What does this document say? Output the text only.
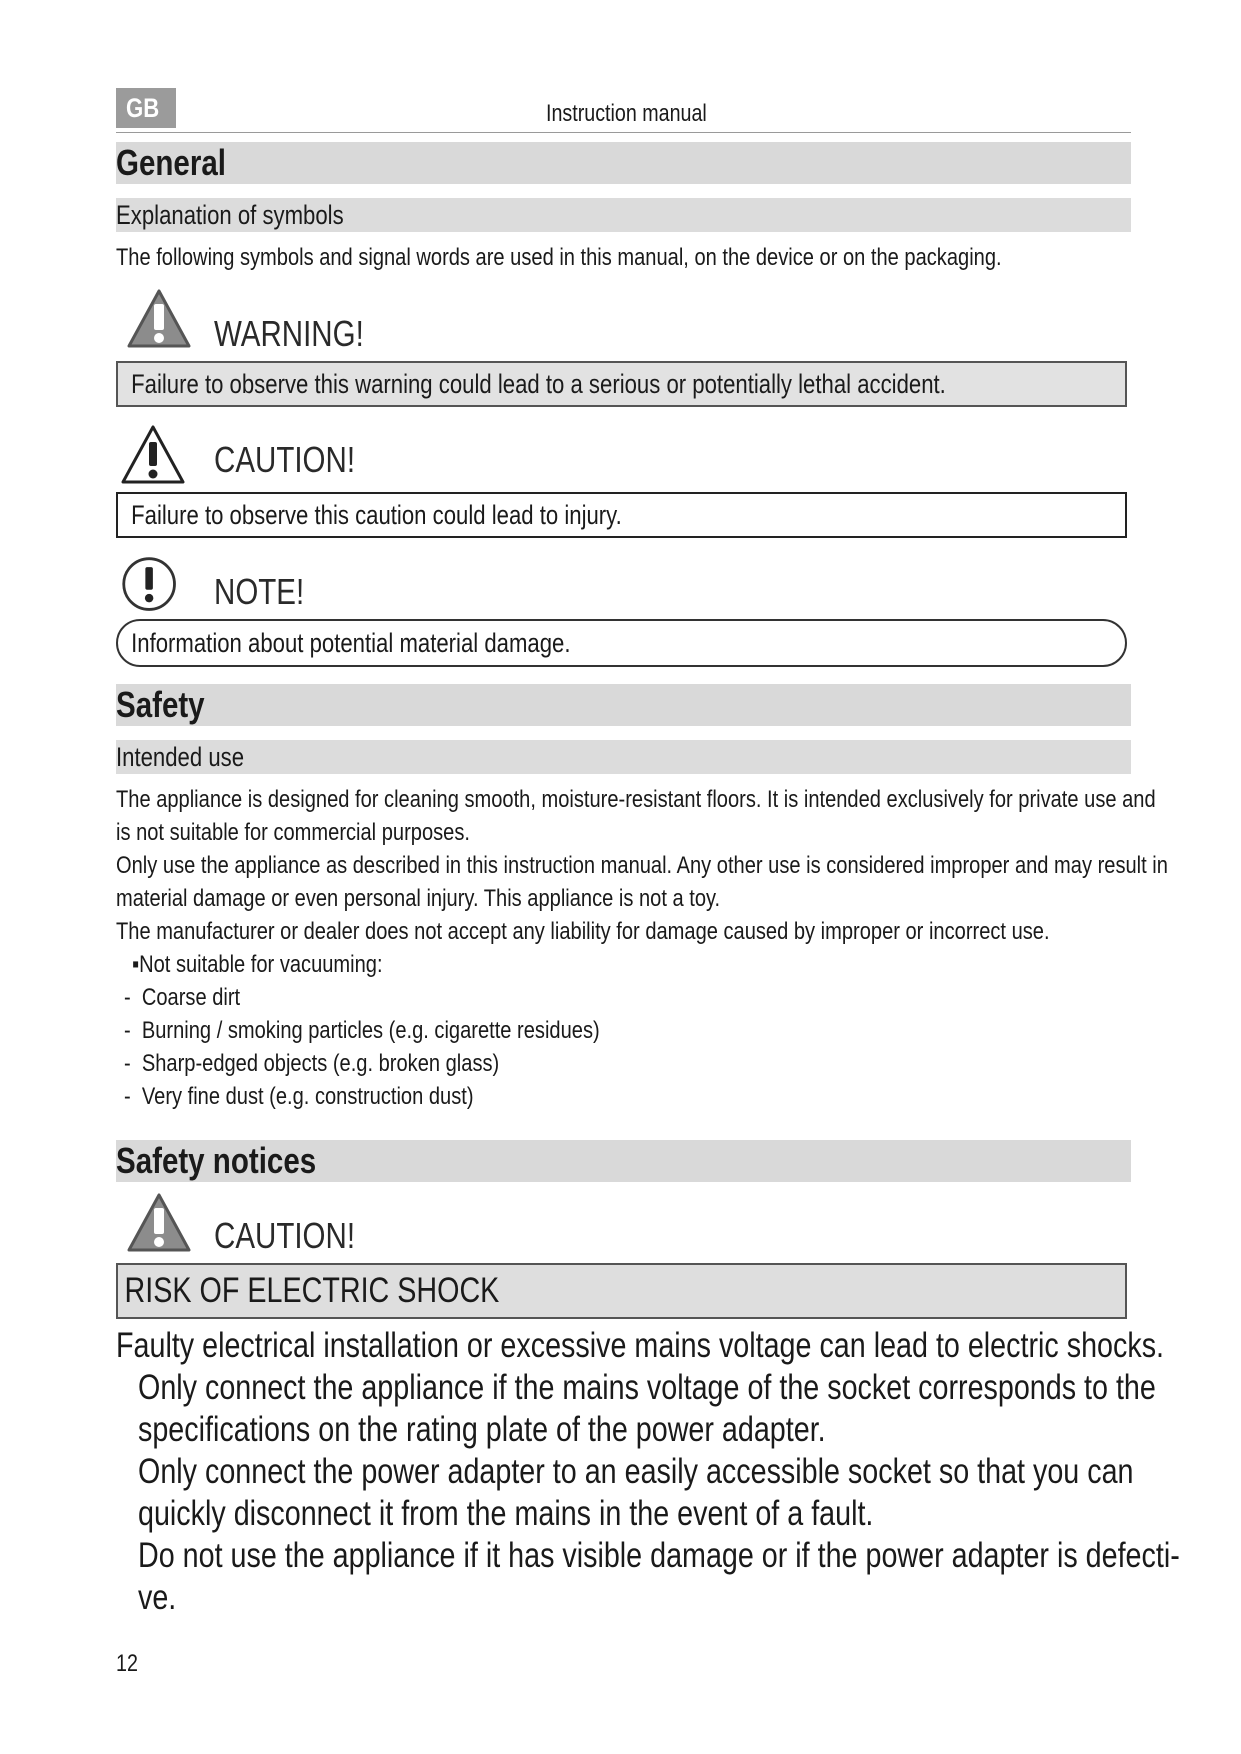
GB	Instruction manual
General
Explanation of symbols
The following symbols and signal words are used in this manual, on the device or on the packaging.
WARNING!
Failure to observe this warning could lead to a serious or potentially lethal accident.
CAUTION!
Failure to observe this caution could lead to injury.
NOTE!
Information about potential material damage.
Safety
Intended use
The appliance is designed for cleaning smooth, moisture-resistant floors. It is intended exclusively for private use and
is not suitable for commercial purposes.
Only use the appliance as described in this instruction manual. Any other use is considered improper and may result in
material damage or even personal injury. This appliance is not a toy.
The manufacturer or dealer does not accept any liability for damage caused by improper or incorrect use.
▪Not suitable for vacuuming:
-  Coarse dirt
-  Burning / smoking particles (e.g. cigarette residues)
-  Sharp-edged objects (e.g. broken glass)
-  Very fine dust (e.g. construction dust)
Safety notices
CAUTION!
RISK OF ELECTRIC SHOCK
Faulty electrical installation or excessive mains voltage can lead to electric shocks.
Only connect the appliance if the mains voltage of the socket corresponds to the
specifications on the rating plate of the power adapter.
Only connect the power adapter to an easily accessible socket so that you can
quickly disconnect it from the mains in the event of a fault.
Do not use the appliance if it has visible damage or if the power adapter is defecti-
ve.
12
